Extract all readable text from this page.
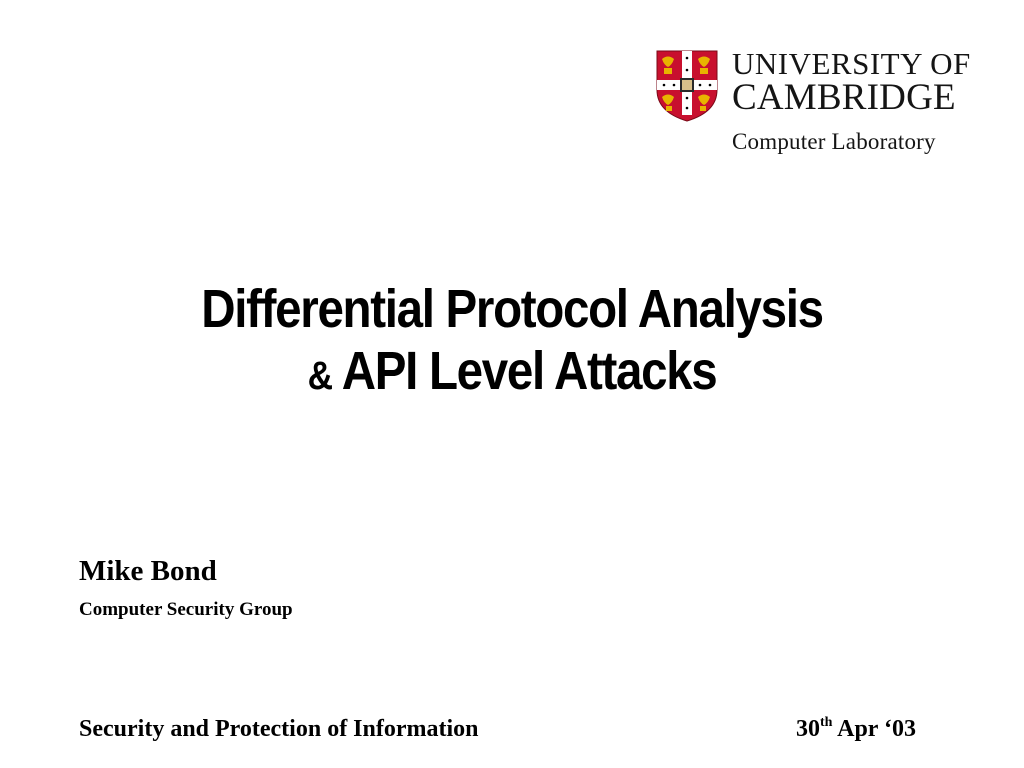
UNIVERSITY OF
CAMBRIDGE
Computer Laboratory
Differential Protocol Analysis
& API Level Attacks
Mike Bond
Computer Security Group
Security and Protection of Information	30th Apr ‘03
